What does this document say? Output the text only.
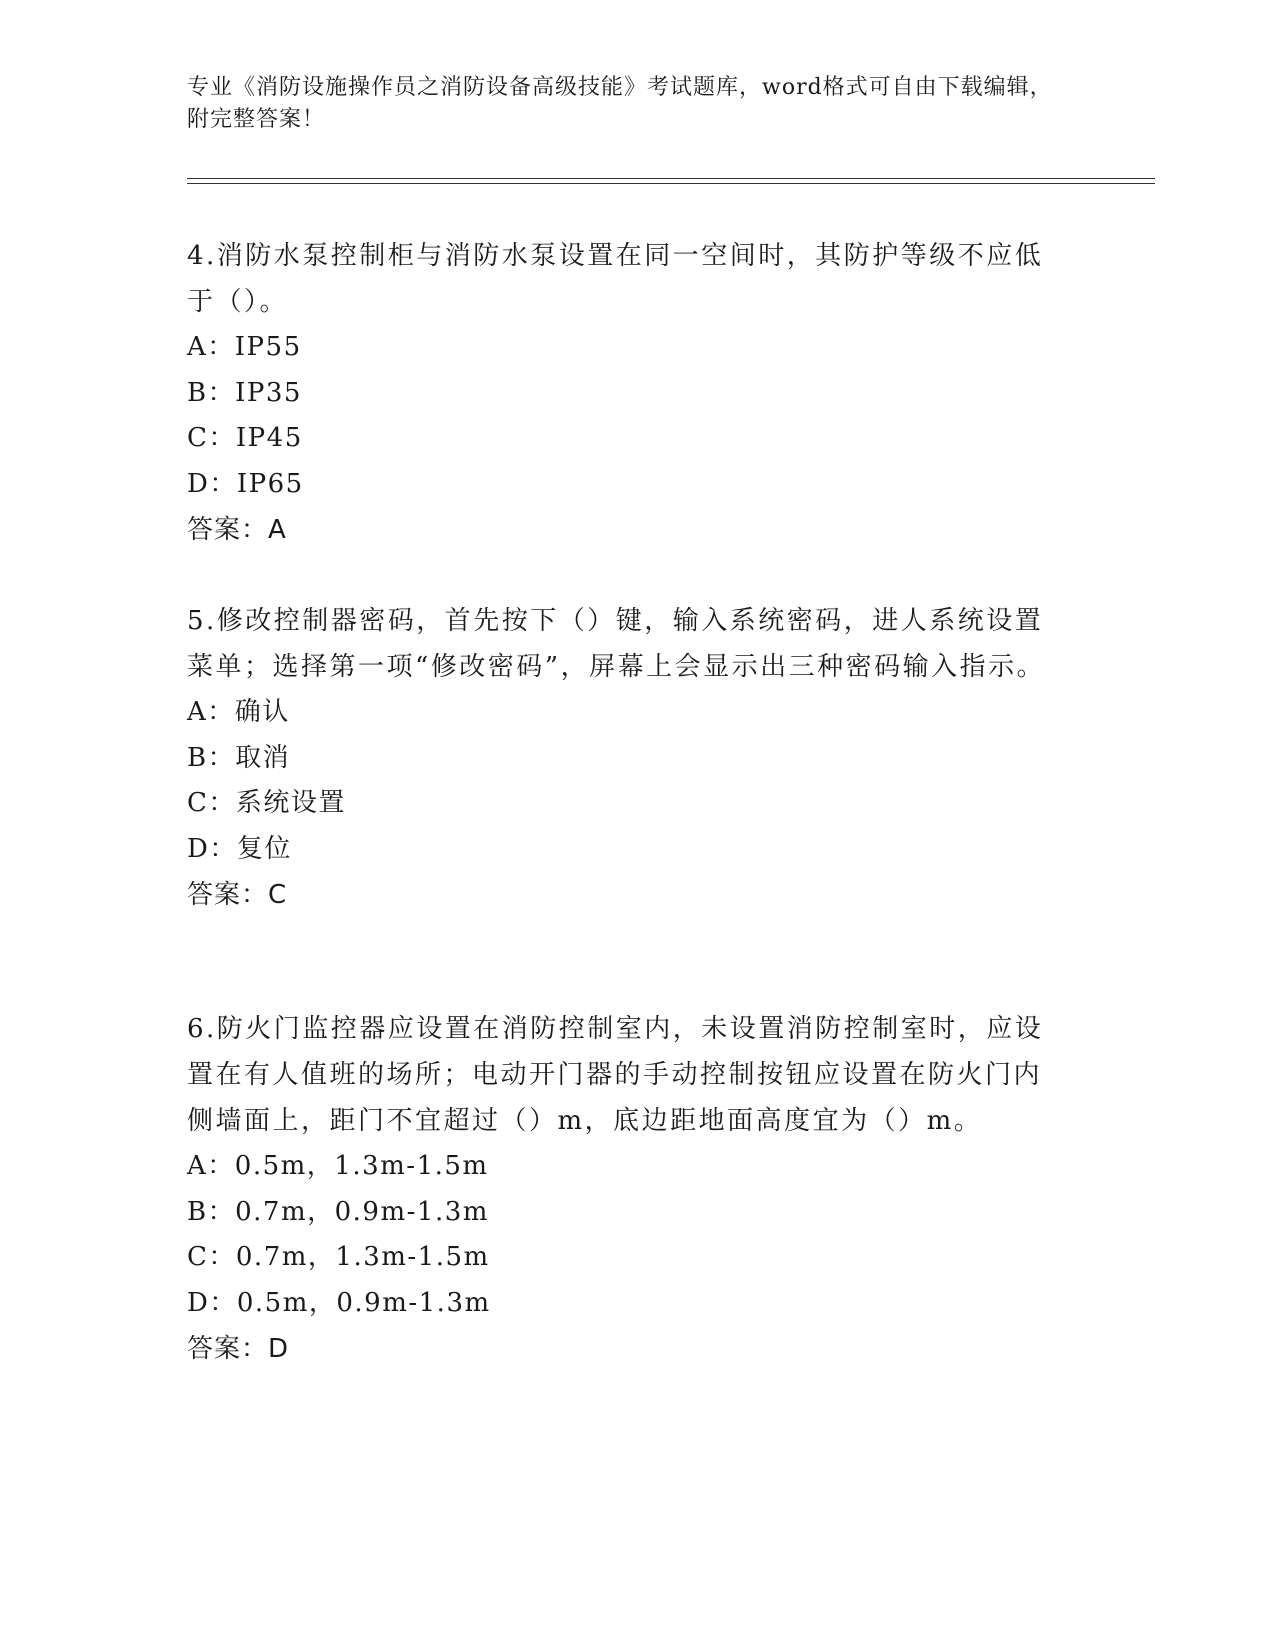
专业《消防设施操作员之消防设备高级技能》考试题库，word格式可自由下载编辑，附完整答案！

4.消防水泵控制柜与消防水泵设置在同一空间时，其防护等级不应低于（）。

A：IP55
B：IP35
C：IP45
D：IP65
答案：A

5.修改控制器密码，首先按下（）键，输入系统密码，进人系统设置菜单；选择第一项“修改密码”，屏幕上会显示出三种密码输入指示。

A：确认
B：取消
C：系统设置
D：复位
答案：C

6.防火门监控器应设置在消防控制室内，未设置消防控制室时，应设置在有人值班的场所；电动开门器的手动控制按钮应设置在防火门内侧墙面上，距门不宜超过（）m，底边距地面高度宜为（）m。

A：0.5m，1.3m-1.5m
B：0.7m，0.9m-1.3m
C：0.7m，1.3m-1.5m
D：0.5m，0.9m-1.3m
答案：D
